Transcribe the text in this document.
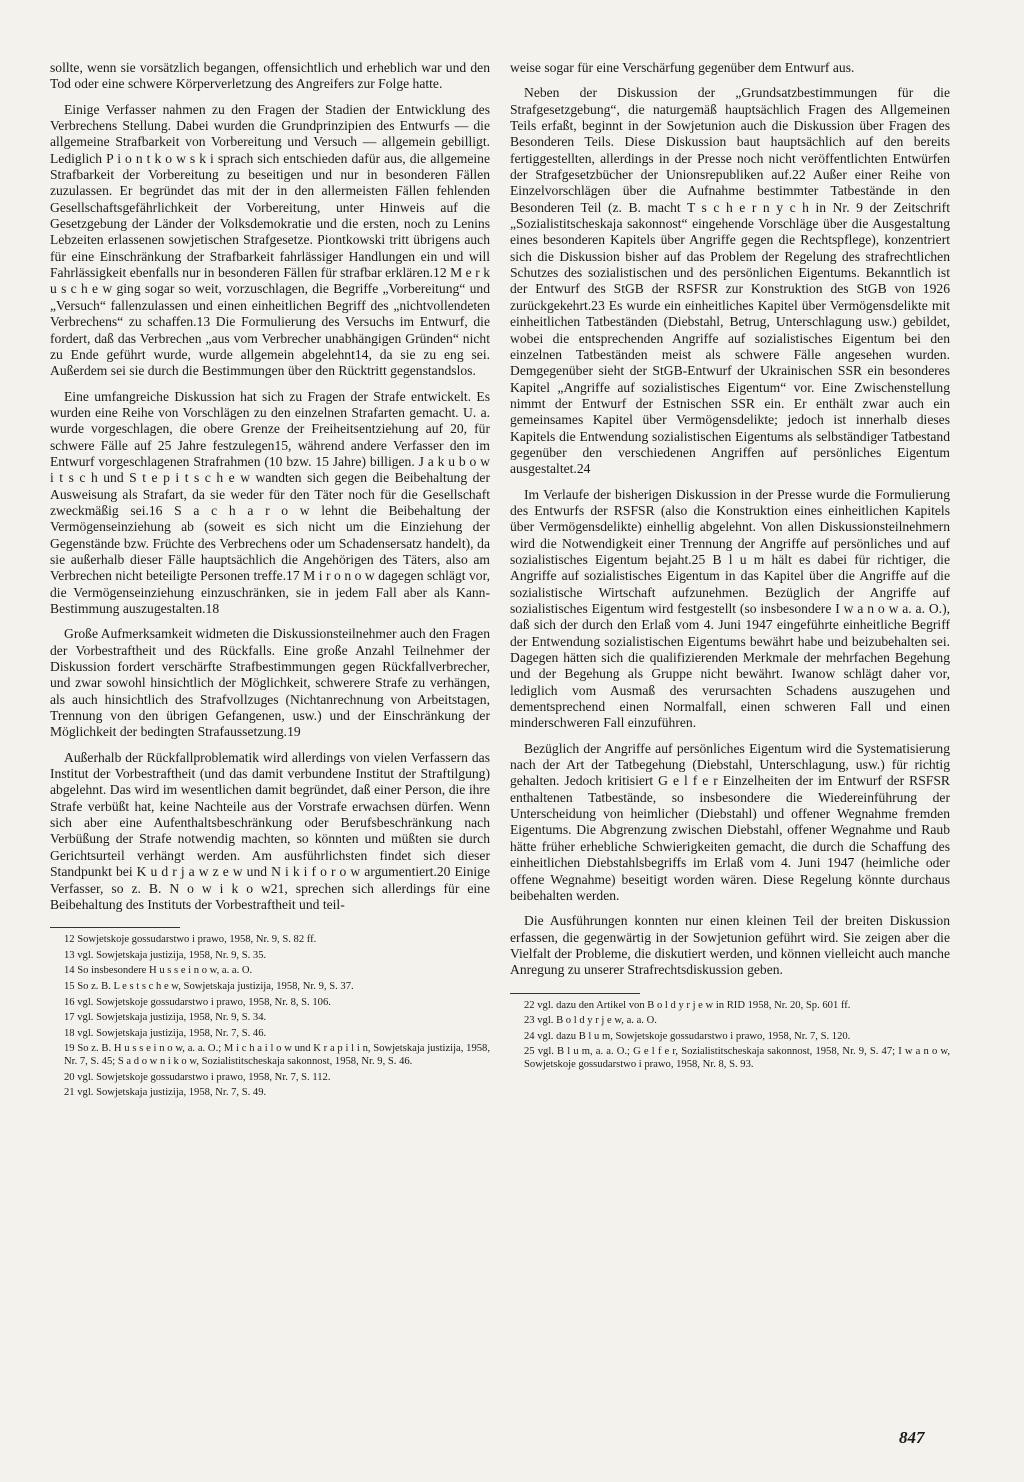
sollte, wenn sie vorsätzlich begangen, offensichtlich und erheblich war und den Tod oder eine schwere Körperverletzung des Angreifers zur Folge hatte.

Einige Verfasser nahmen zu den Fragen der Stadien der Entwicklung des Verbrechens Stellung. Dabei wurden die Grundprinzipien des Entwurfs — die allgemeine Strafbarkeit von Vorbereitung und Versuch — allgemein gebilligt. Lediglich P i o n t k o w s k i sprach sich entschieden dafür aus, die allgemeine Strafbarkeit der Vorbereitung zu beseitigen und nur in besonderen Fällen zuzulassen. Er begründet das mit der in den allermeisten Fällen fehlenden Gesellschaftsgefährlichkeit der Vorbereitung, unter Hinweis auf die Gesetzgebung der Länder der Volksdemokratie und die ersten, noch zu Lenins Lebzeiten erlassenen sowjetischen Strafgesetze. Piontkowski tritt übrigens auch für eine Einschränkung der Strafbarkeit fahrlässiger Handlungen ein und will Fahrlässigkeit ebenfalls nur in besonderen Fällen für strafbar erklären.12 M e r k u s c h e w ging sogar so weit, vorzuschlagen, die Begriffe „Vorbereitung“ und „Versuch“ fallenzulassen und einen einheitlichen Begriff des „nichtvollendeten Verbrechens“ zu schaffen.13 Die Formulierung des Versuchs im Entwurf, die fordert, daß das Verbrechen „aus vom Verbrecher unabhängigen Gründen“ nicht zu Ende geführt wurde, wurde allgemein abgelehnt14, da sie zu eng sei. Außerdem sei sie durch die Bestimmungen über den Rücktritt gegenstandslos.

Eine umfangreiche Diskussion hat sich zu Fragen der Strafe entwickelt. Es wurden eine Reihe von Vorschlägen zu den einzelnen Strafarten gemacht. U. a. wurde vorgeschlagen, die obere Grenze der Freiheitsentziehung auf 20, für schwere Fälle auf 25 Jahre festzulegen15, während andere Verfasser den im Entwurf vorgeschlagenen Strafrahmen (10 bzw. 15 Jahre) billigen. J a k u b o w i t s c h und S t e p i t s c h e w wandten sich gegen die Beibehaltung der Ausweisung als Strafart, da sie weder für den Täter noch für die Gesellschaft zweckmäßig sei.16 S a c h a r o w lehnt die Beibehaltung der Vermögenseinziehung ab (soweit es sich nicht um die Einziehung der Gegenstände bzw. Früchte des Verbrechens oder um Schadensersatz handelt), da sie außerhalb dieser Fälle hauptsächlich die Angehörigen des Täters, also am Verbrechen nicht beteiligte Personen treffe.17 M i r o n o w dagegen schlägt vor, die Vermögenseinziehung einzuschränken, sie in jedem Fall aber als Kann-Bestimmung auszugestalten.18

Große Aufmerksamkeit widmeten die Diskussionsteilnehmer auch den Fragen der Vorbestraftheit und des Rückfalls. Eine große Anzahl Teilnehmer der Diskussion fordert verschärfte Strafbestimmungen gegen Rückfallverbrecher, und zwar sowohl hinsichtlich der Möglichkeit, schwerere Strafe zu verhängen, als auch hinsichtlich des Strafvollzuges (Nichtanrechnung von Arbeitstagen, Trennung von den übrigen Gefangenen, usw.) und der Einschränkung der Möglichkeit der bedingten Strafaussetzung.19

Außerhalb der Rückfallproblematik wird allerdings von vielen Verfassern das Institut der Vorbestraftheit (und das damit verbundene Institut der Straftilgung) abgelehnt. Das wird im wesentlichen damit begründet, daß einer Person, die ihre Strafe verbüßt hat, keine Nachteile aus der Vorstrafe erwachsen dürfen. Wenn sich aber eine Aufenthaltsbeschränkung oder Berufsbeschränkung nach Verbüßung der Strafe notwendig machten, so könnten und müßten sie durch Gerichtsurteil verhängt werden. Am ausführlichsten findet sich dieser Standpunkt bei K u d r j a w z e w und N i k i f o r o w argumentiert.20 Einige Verfasser, so z. B. N o w i k o w21, sprechen sich allerdings für eine Beibehaltung des Instituts der Vorbestraftheit und teil-

12 Sowjetskoje gossudarstwo i prawo, 1958, Nr. 9, S. 82 ff.
13 vgl. Sowjetskaja justizija, 1958, Nr. 9, S. 35.
14 So insbesondere H u s s e i n o w, a. a. O.
15 So z. B. L e s t s c h e w, Sowjetskaja justizija, 1958, Nr. 9, S. 37.
16 vgl. Sowjetskoje gossudarstwo i prawo, 1958, Nr. 8, S. 106.
17 vgl. Sowjetskaja justizija, 1958, Nr. 9, S. 34.
18 vgl. Sowjetskaja justizija, 1958, Nr. 7, S. 46.
19 So z. B. H u s s e i n o w, a. a. O.; M i c h a i l o w und K r a p i l i n, Sowjetskaja justizija, 1958, Nr. 7, S. 45; S a d o w n i k o w, Sozialistitscheskaja sakonnost, 1958, Nr. 9, S. 46.
20 vgl. Sowjetskoje gossudarstwo i prawo, 1958, Nr. 7, S. 112.
21 vgl. Sowjetskaja justizija, 1958, Nr. 7, S. 49.

weise sogar für eine Verschärfung gegenüber dem Entwurf aus.

Neben der Diskussion der „Grundsatzbestimmungen für die Strafgesetzgebung“, die naturgemäß hauptsächlich Fragen des Allgemeinen Teils erfaßt, beginnt in der Sowjetunion auch die Diskussion über Fragen des Besonderen Teils. Diese Diskussion baut hauptsächlich auf den bereits fertiggestellten, allerdings in der Presse noch nicht veröffentlichten Entwürfen der Strafgesetzbücher der Unionsrepubliken auf.22 Außer einer Reihe von Einzelvorschlägen über die Aufnahme bestimmter Tatbestände in den Besonderen Teil (z. B. macht T s c h e r n y c h in Nr. 9 der Zeitschrift „Sozialistitscheskaja sakonnost“ eingehende Vorschläge über die Ausgestaltung eines besonderen Kapitels über Angriffe gegen die Rechtspflege), konzentriert sich die Diskussion bisher auf das Problem der Regelung des strafrechtlichen Schutzes des sozialistischen und des persönlichen Eigentums. Bekanntlich ist der Entwurf des StGB der RSFSR zur Konstruktion des StGB von 1926 zurückgekehrt.23 Es wurde ein einheitliches Kapitel über Vermögensdelikte mit einheitlichen Tatbeständen (Diebstahl, Betrug, Unterschlagung usw.) gebildet, wobei die entsprechenden Angriffe auf sozialistisches Eigentum bei den einzelnen Tatbeständen meist als schwere Fälle angesehen wurden. Demgegenüber sieht der StGB-Entwurf der Ukrainischen SSR ein besonderes Kapitel „Angriffe auf sozialistisches Eigentum“ vor. Eine Zwischenstellung nimmt der Entwurf der Estnischen SSR ein. Er enthält zwar auch ein gemeinsames Kapitel über Vermögensdelikte; jedoch ist innerhalb dieses Kapitels die Entwendung sozialistischen Eigentums als selbständiger Tatbestand gegenüber den verschiedenen Angriffen auf persönliches Eigentum ausgestaltet.24

Im Verlaufe der bisherigen Diskussion in der Presse wurde die Formulierung des Entwurfs der RSFSR (also die Konstruktion eines einheitlichen Kapitels über Vermögensdelikte) einhellig abgelehnt. Von allen Diskussionsteilnehmern wird die Notwendigkeit einer Trennung der Angriffe auf persönliches und auf sozialistisches Eigentum bejaht.25 B l u m hält es dabei für richtiger, die Angriffe auf sozialistisches Eigentum in das Kapitel über die Angriffe auf die sozialistische Wirtschaft aufzunehmen. Bezüglich der Angriffe auf sozialistisches Eigentum wird festgestellt (so insbesondere I w a n o w a. a. O.), daß sich der durch den Erlaß vom 4. Juni 1947 eingeführte einheitliche Begriff der Entwendung sozialistischen Eigentums bewährt habe und beizubehalten sei. Dagegen hätten sich die qualifizierenden Merkmale der mehrfachen Begehung und der Begehung als Gruppe nicht bewährt. Iwanow schlägt daher vor, lediglich vom Ausmaß des verursachten Schadens auszugehen und dementsprechend einen Normalfall, einen schweren Fall und einen minderschweren Fall einzuführen.

Bezüglich der Angriffe auf persönliches Eigentum wird die Systematisierung nach der Art der Tatbegehung (Diebstahl, Unterschlagung, usw.) für richtig gehalten. Jedoch kritisiert G e l f e r Einzelheiten der im Entwurf der RSFSR enthaltenen Tatbestände, so insbesondere die Wiedereinführung der Unterscheidung von heimlicher (Diebstahl) und offener Wegnahme fremden Eigentums. Die Abgrenzung zwischen Diebstahl, offener Wegnahme und Raub hätte früher erhebliche Schwierigkeiten gemacht, die durch die Schaffung des einheitlichen Diebstahlsbegriffs im Erlaß vom 4. Juni 1947 (heimliche oder offene Wegnahme) beseitigt worden wären. Diese Regelung könnte durchaus beibehalten werden.

Die Ausführungen konnten nur einen kleinen Teil der breiten Diskussion erfassen, die gegenwärtig in der Sowjetunion geführt wird. Sie zeigen aber die Vielfalt der Probleme, die diskutiert werden, und können vielleicht auch manche Anregung zu unserer Strafrechtsdiskussion geben.

22 vgl. dazu den Artikel von B o l d y r j e w in RID 1958, Nr. 20, Sp. 601 ff.
23 vgl. B o l d y r j e w, a. a. O.
24 vgl. dazu B l u m, Sowjetskoje gossudarstwo i prawo, 1958, Nr. 7, S. 120.
25 vgl. B l u m, a. a. O.; G e l f e r, Sozialistitscheskaja sakonnost, 1958, Nr. 9, S. 47; I w a n o w, Sowjetskoje gossudarstwo i prawo, 1958, Nr. 8, S. 93.
847
